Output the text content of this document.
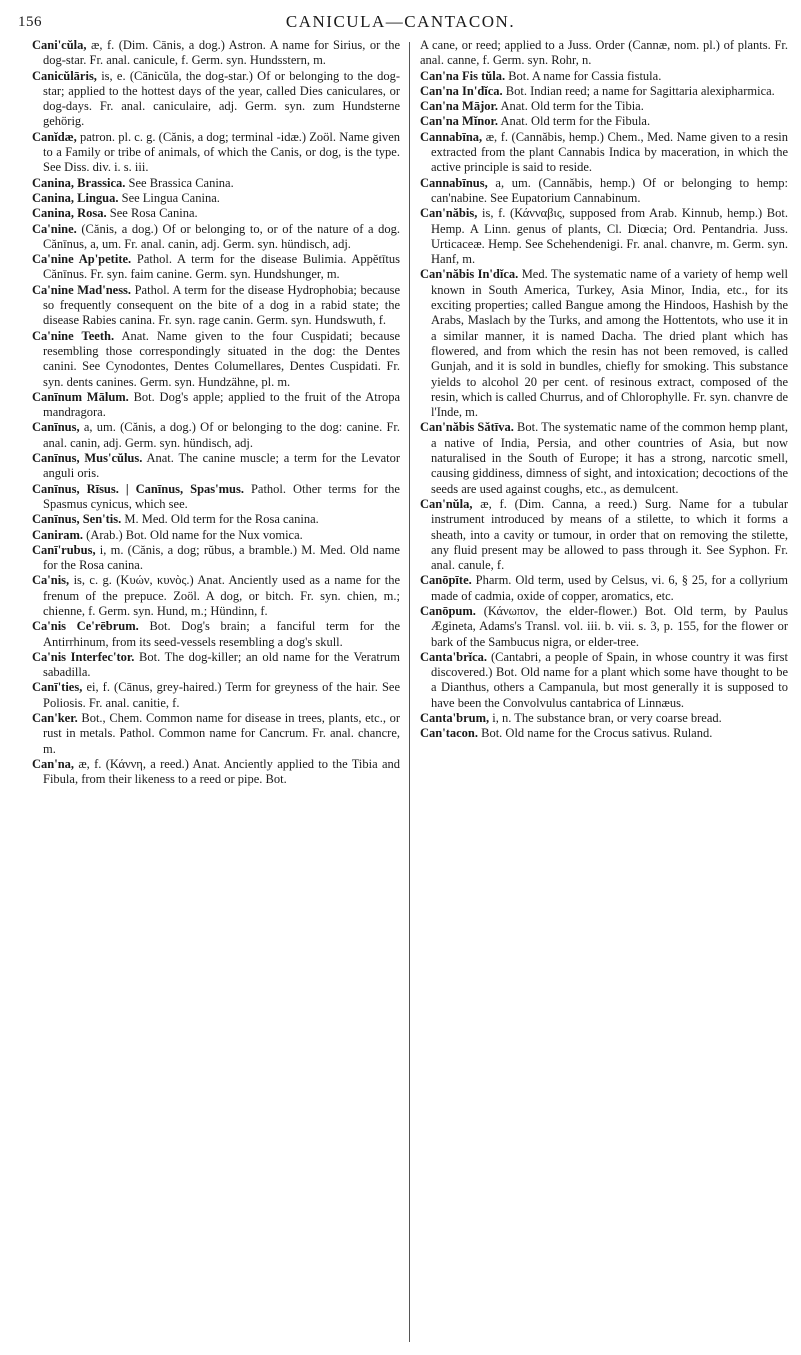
156	CANICULA—CANTACON.

Cani'cŭla, æ, f. (Dim. Cānis, a dog.) Astron. A name for Sirius, or the dog-star. Fr. anal. canicule, f. Germ. syn. Hundsstern, m.

Canicŭlāris, is, e. (Cānicŭla, the dog-star.) Of or belonging to the dog-star; applied to the hottest days of the year, called Dies caniculares, or dog-days. Fr. anal. caniculaire, adj. Germ. syn. zum Hundsterne gehörig.

Canĭdæ, patron. pl. c. g. (Cănis, a dog; terminal -idæ.) Zoöl. Name given to a Family or tribe of animals, of which the Canis, or dog, is the type. See Diss. div. i. s. iii.

Canina, Brassica. See Brassica Canina.

Canina, Lingua. See Lingua Canina.

Canina, Rosa. See Rosa Canina.

Ca'nine. (Cănis, a dog.) Of or belonging to, or of the nature of a dog. Cănīnus, a, um. Fr. anal. canin, adj. Germ. syn. hündisch, adj.

Ca'nine Ap'petite. Pathol. A term for the disease Bulimia. Appĕtītus Cănīnus. Fr. syn. faim canine. Germ. syn. Hundshunger, m.

Ca'nine Mad'ness. Pathol. A term for the disease Hydrophobia; because so frequently consequent on the bite of a dog in a rabid state; the disease Rabies canina. Fr. syn. rage canin. Germ. syn. Hundswuth, f.

Ca'nine Teeth. Anat. Name given to the four Cuspidati; because resembling those correspondingly situated in the dog: the Dentes canini. See Cynodontes, Dentes Columellares, Dentes Cuspidati. Fr. syn. dents canines. Germ. syn. Hundzähne, pl. m.

Canīnum Mālum. Bot. Dog's apple; applied to the fruit of the Atropa mandragora.

Canīnus, a, um. (Cănis, a dog.) Of or belonging to the dog: canine. Fr. anal. canin, adj. Germ. syn. hündisch, adj.

Canīnus, Mus'cŭlus. Anat. The canine muscle; a term for the Levator anguli oris.

Canīnus, Rīsus. | Canīnus, Spas'mus. Pathol. Other terms for the Spasmus cynicus, which see.

Canīnus, Sen'tis. M. Med. Old term for the Rosa canina.

Caniram. (Arab.) Bot. Old name for the Nux vomica.

Canī'rubus, i, m. (Cănis, a dog; rŭbus, a bramble.) M. Med. Old name for the Rosa canina.

Ca'nis, is, c. g. (Κυών, κυνὸς.) Anat. Anciently used as a name for the frenum of the prepuce. Zoöl. A dog, or bitch. Fr. syn. chien, m.; chienne, f. Germ. syn. Hund, m.; Hündinn, f.

Ca'nis Ce'rēbrum. Bot. Dog's brain; a fanciful term for the Antirrhinum, from its seed-vessels resembling a dog's skull.

Ca'nis Interfec'tor. Bot. The dog-killer; an old name for the Veratrum sabadilla.

Canī'ties, ei, f. (Cānus, grey-haired.) Term for greyness of the hair. See Poliosis. Fr. anal. canitie, f.

Can'ker. Bot., Chem. Common name for disease in trees, plants, etc., or rust in metals. Pathol. Common name for Cancrum. Fr. anal. chancre, m.

Can'na, æ, f. (Κάννη, a reed.) Anat. Anciently applied to the Tibia and Fibula, from their likeness to a reed or pipe. Bot.

A cane, or reed; applied to a Juss. Order (Cannæ, nom. pl.) of plants. Fr. anal. canne, f. Germ. syn. Rohr, n.

Can'na Fis tŭla. Bot. A name for Cassia fistula.

Can'na In'dĭca. Bot. Indian reed; a name for Sagittaria alexipharmica.

Can'na Mājor. Anat. Old term for the Tibia.

Can'na Mĭnor. Anat. Old term for the Fibula.

Cannabīna, æ, f. (Cannăbis, hemp.) Chem., Med. Name given to a resin extracted from the plant Cannabis Indica by maceration, in which the active principle is said to reside.

Cannabīnus, a, um. (Cannăbis, hemp.) Of or belonging to hemp: can'nabine. See Eupatorium Cannabinum.

Can'năbis, is, f. (Κάνναβις, supposed from Arab. Kinnub, hemp.) Bot. Hemp. A Linn. genus of plants, Cl. Diœcia; Ord. Pentandria. Juss. Urticaceæ. Hemp. See Schehendenigi. Fr. anal. chanvre, m. Germ. syn. Hanf, m.

Can'năbis In'dĭca. Med. The systematic name of a variety of hemp well known in South America, Turkey, Asia Minor, India, etc., for its exciting properties; called Bangue among the Hindoos, Hashish by the Arabs, Maslach by the Turks, and among the Hottentots, who use it in a similar manner, it is named Dacha. The dried plant which has flowered, and from which the resin has not been removed, is called Gunjah, and it is sold in bundles, chiefly for smoking. This substance yields to alcohol 20 per cent. of resinous extract, composed of the resin, which is called Churrus, and of Chlorophylle. Fr. syn. chanvre de l'Inde, m.

Can'năbis Sătīva. Bot. The systematic name of the common hemp plant, a native of India, Persia, and other countries of Asia, but now naturalised in the South of Europe; it has a strong, narcotic smell, causing giddiness, dimness of sight, and intoxication; decoctions of the seeds are used against coughs, etc., as demulcent.

Can'nŭla, æ, f. (Dim. Canna, a reed.) Surg. Name for a tubular instrument introduced by means of a stilette, to which it forms a sheath, into a cavity or tumour, in order that on removing the stilette, any fluid present may be allowed to pass through it. See Syphon. Fr. anal. canule, f.

Canōpīte. Pharm. Old term, used by Celsus, vi. 6, § 25, for a collyrium made of cadmia, oxide of copper, aromatics, etc.

Canōpum. (Κάνωπον, the elder-flower.) Bot. Old term, by Paulus Ægineta, Adams's Transl. vol. iii. b. vii. s. 3, p. 155, for the flower or bark of the Sambucus nigra, or elder-tree.

Canta'brĭca. (Cantabri, a people of Spain, in whose country it was first discovered.) Bot. Old name for a plant which some have thought to be a Dianthus, others a Campanula, but most generally it is supposed to have been the Convolvulus cantabrica of Linnæus.

Canta'brum, i, n. The substance bran, or very coarse bread.

Can'tacon. Bot. Old name for the Crocus sativus. Ruland.
